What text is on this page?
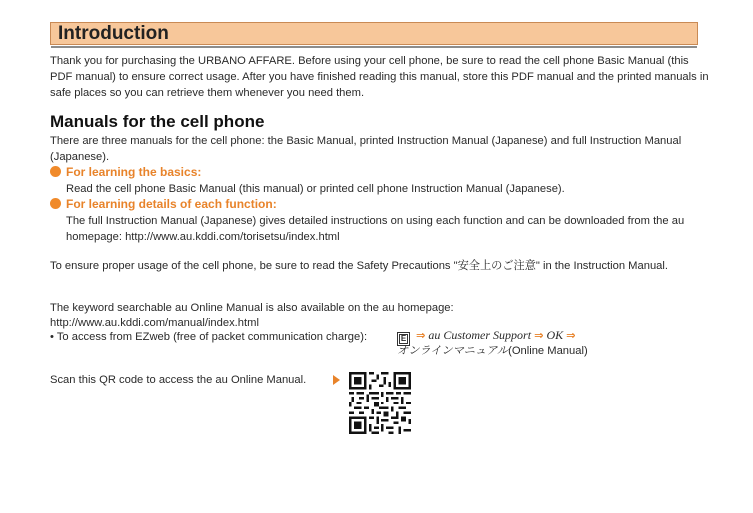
Introduction
Thank you for purchasing the URBANO AFFARE. Before using your cell phone, be sure to read the cell phone Basic Manual (this PDF manual) to ensure correct usage. After you have finished reading this manual, store this PDF manual and the printed manuals in safe places so you can retrieve them whenever you need them.
Manuals for the cell phone
There are three manuals for the cell phone: the Basic Manual, printed Instruction Manual (Japanese) and full Instruction Manual (Japanese).
For learning the basics:
Read the cell phone Basic Manual (this manual) or printed cell phone Instruction Manual (Japanese).
For learning details of each function:
The full Instruction Manual (Japanese) gives detailed instructions on using each function and can be downloaded from the au homepage: http://www.au.kddi.com/torisetsu/index.html
To ensure proper usage of the cell phone, be sure to read the Safety Precautions "安全上のご注意" in the Instruction Manual.
The keyword searchable au Online Manual is also available on the au homepage:
http://www.au.kddi.com/manual/index.html
• To access from EZweb (free of packet communication charge):	E ⇒ au Customer Support ⇒ OK ⇒
オンラインマニュアル(Online Manual)
Scan this QR code to access the au Online Manual.
